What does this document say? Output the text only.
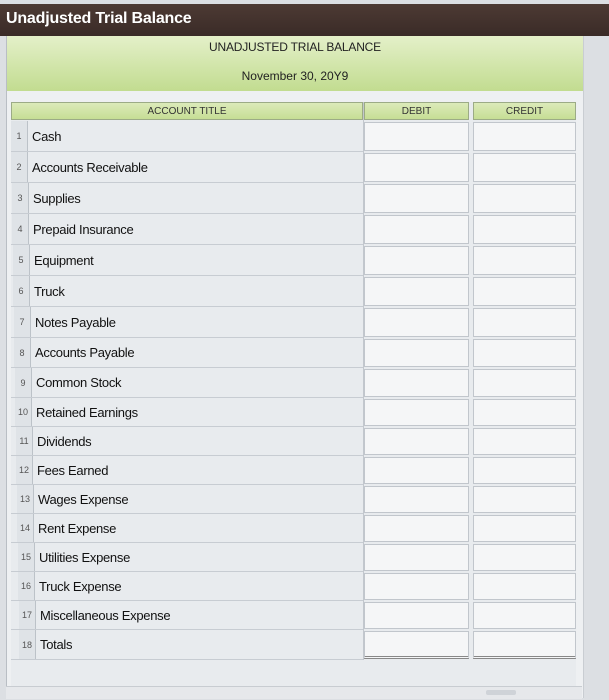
Unadjusted Trial Balance
UNADJUSTED TRIAL BALANCE
November 30, 20Y9
ACCOUNT TITLE	DEBIT	CREDIT
1 Cash
2 Accounts Receivable
3 Supplies
4 Prepaid Insurance
5 Equipment
6 Truck
7 Notes Payable
8 Accounts Payable
9 Common Stock
10 Retained Earnings
11 Dividends
12 Fees Earned
13 Wages Expense
14 Rent Expense
15 Utilities Expense
16 Truck Expense
17 Miscellaneous Expense
18 Totals
